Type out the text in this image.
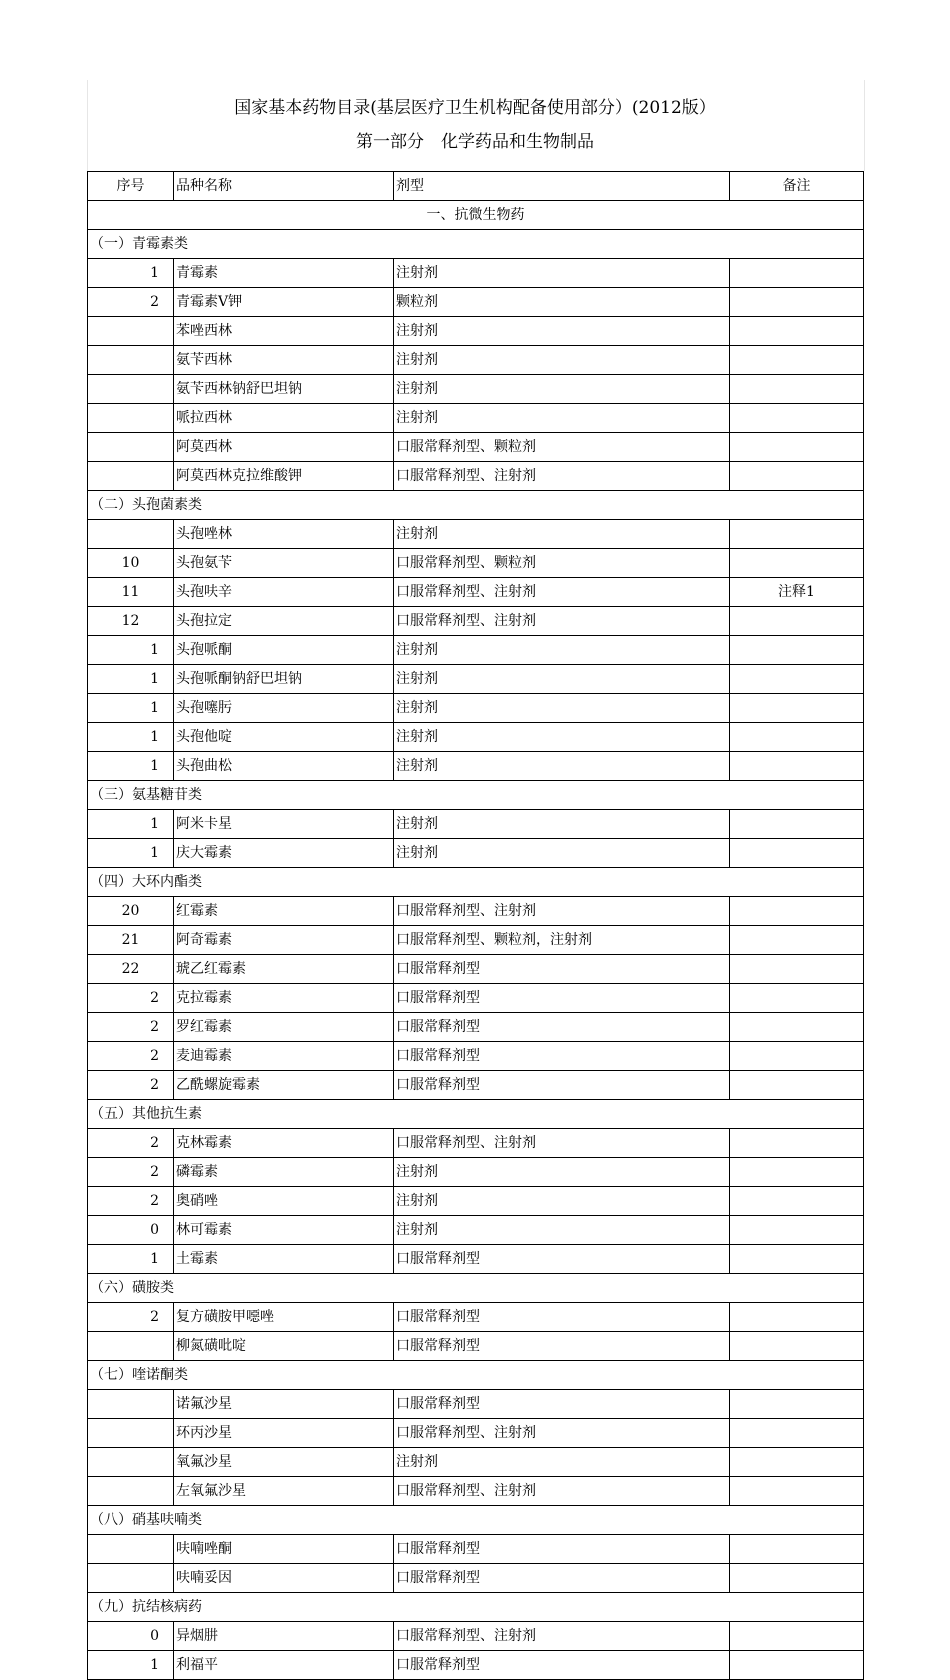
国家基本药物目录(基层医疗卫生机构配备使用部分）(2012版）
第一部分　化学药品和生物制品
序号	品种名称	剂型	备注
一、抗微生物药			
（一）青霉素类			
1	青霉素	注射剂	
2	青霉素V钾	颗粒剂	
	苯唑西林	注射剂	
	氨苄西林	注射剂	
	氨苄西林钠舒巴坦钠	注射剂	
	哌拉西林	注射剂	
	阿莫西林	口服常释剂型、颗粒剂	
	阿莫西林克拉维酸钾	口服常释剂型、注射剂	
（二）头孢菌素类			
	头孢唑林	注射剂	
10	头孢氨苄	口服常释剂型、颗粒剂	
11	头孢呋辛	口服常释剂型、注射剂	注释1
12	头孢拉定	口服常释剂型、注射剂	
1	头孢哌酮	注射剂	
1	头孢哌酮钠舒巴坦钠	注射剂	
1	头孢噻肟	注射剂	
1	头孢他啶	注射剂	
1	头孢曲松	注射剂	
（三）氨基糖苷类			
1	阿米卡星	注射剂	
1	庆大霉素	注射剂	
（四）大环内酯类			
20	红霉素	口服常释剂型、注射剂	
21	阿奇霉素	口服常释剂型、颗粒剂，注射剂	
22	琥乙红霉素	口服常释剂型	
2	克拉霉素	口服常释剂型	
2	罗红霉素	口服常释剂型	
2	麦迪霉素	口服常释剂型	
2	乙酰螺旋霉素	口服常释剂型	
（五）其他抗生素			
2	克林霉素	口服常释剂型、注射剂	
2	磷霉素	注射剂	
2	奥硝唑	注射剂	
0	林可霉素	注射剂	
1	土霉素	口服常释剂型	
（六）磺胺类			
2	复方磺胺甲噁唑	口服常释剂型	
	柳氮磺吡啶	口服常释剂型	
（七）喹诺酮类			
	诺氟沙星	口服常释剂型	
	环丙沙星	口服常释剂型、注射剂	
	氧氟沙星	注射剂	
	左氧氟沙星	口服常释剂型、注射剂	
（八）硝基呋喃类			
	呋喃唑酮	口服常释剂型	
	呋喃妥因	口服常释剂型	
（九）抗结核病药			
0	异烟肼	口服常释剂型、注射剂	
1	利福平	口服常释剂型	
